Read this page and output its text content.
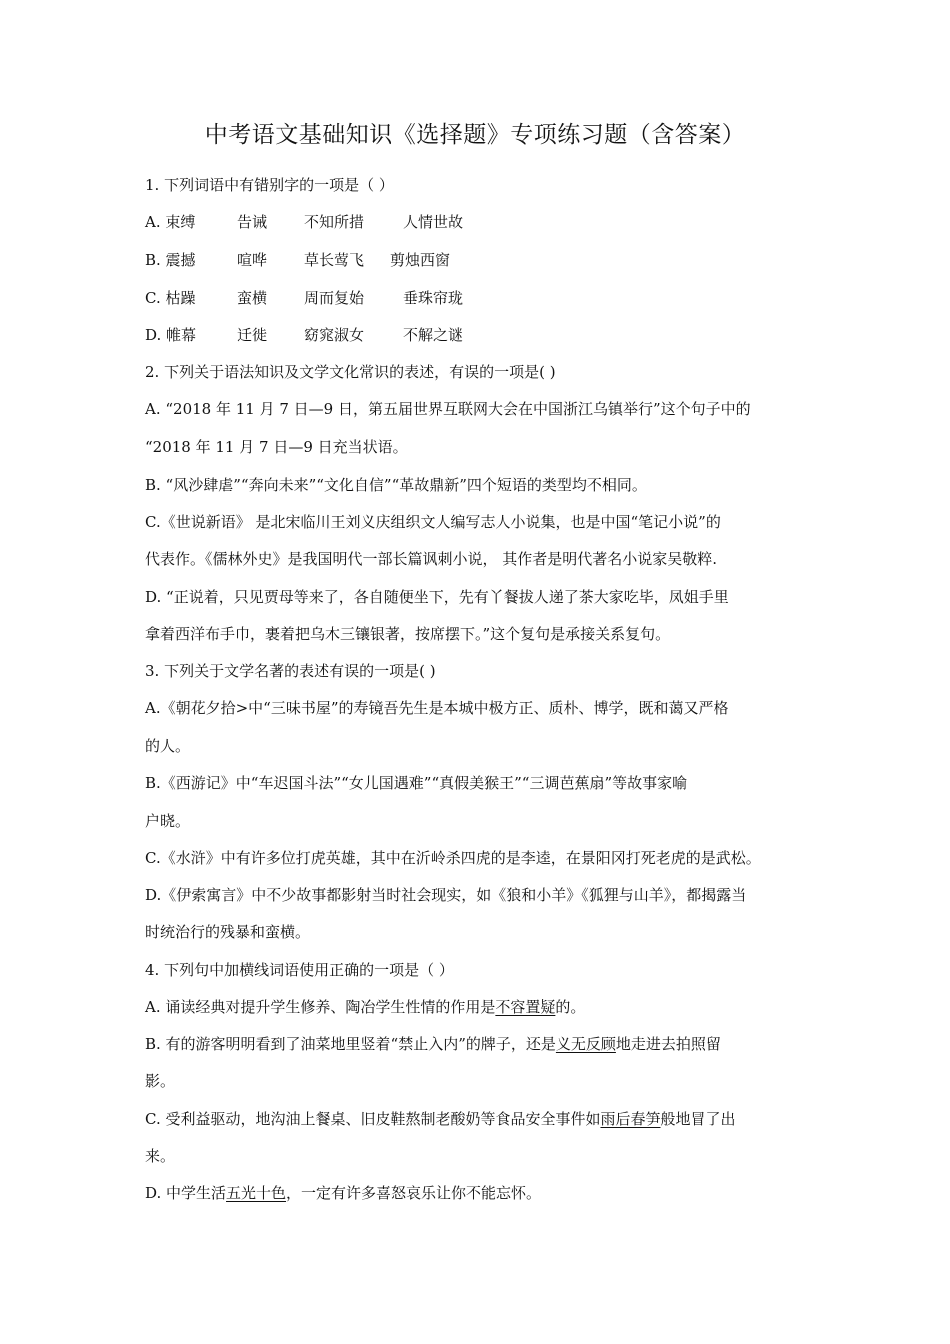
中考语文基础知识《选择题》专项练习题（含答案）
1. 下列词语中有错别字的一项是（ ）
A. 束缚	告诫 不知所措	人情世故
B. 震撼	喧哗 草长莺飞 剪烛西窗
C. 枯躁	蛮横 周而复始	垂珠帘珑
D. 帷幕	迁徙 窈窕淑女	不解之谜
2. 下列关于语法知识及文学文化常识的表述，有误的一项是( )
A. “2018 年 11 月 7 日—9 日，第五届世界互联网大会在中国浙江乌镇举行”这个句子中的
“2018 年 11 月 7 日—9 日充当状语。
B. “风沙肆虐”“奔向未来”“文化自信”“革故鼎新”四个短语的类型均不相同。
C.《世说新语》 是北宋临川王刘义庆组织文人编写志人小说集，也是中国“笔记小说”的
代表作。《儒林外史》是我国明代一部长篇讽刺小说， 其作者是明代著名小说家吴敬粹.
D. “正说着，只见贾母等来了，各自随便坐下，先有丫餐拔人递了茶大家吃毕，凤姐手里
拿着西洋布手巾，裹着把乌木三镶银著，按席摆下。”这个复句是承接关系复句。
3. 下列关于文学名著的表述有误的一项是( )
A.《朝花夕拾>中“三味书屋”的寿镜吾先生是本城中极方正、质朴、博学，既和蔼又严格
的人。
B.《西游记》中“车迟国斗法”“女儿国遇难”“真假美猴王”“三调芭蕉扇”等故事家喻
户晓。
C.《水浒》中有许多位打虎英雄，其中在沂岭杀四虎的是李逵，在景阳冈打死老虎的是武松。
D.《伊索寓言》中不少故事都影射当时社会现实，如《狼和小羊》《狐狸与山羊》，都揭露当
时统治行的残暴和蛮横。
4. 下列句中加横线词语使用正确的一项是（ ）
A. 诵读经典对提升学生修养、陶冶学生性情的作用是不容置疑的。
B. 有的游客明明看到了油菜地里竖着“禁止入内”的牌子，还是义无反顾地走进去拍照留
影。
C. 受利益驱动，地沟油上餐桌、旧皮鞋熬制老酸奶等食品安全事件如雨后春笋般地冒了出
来。
D. 中学生活五光十色，一定有许多喜怒哀乐让你不能忘怀。
